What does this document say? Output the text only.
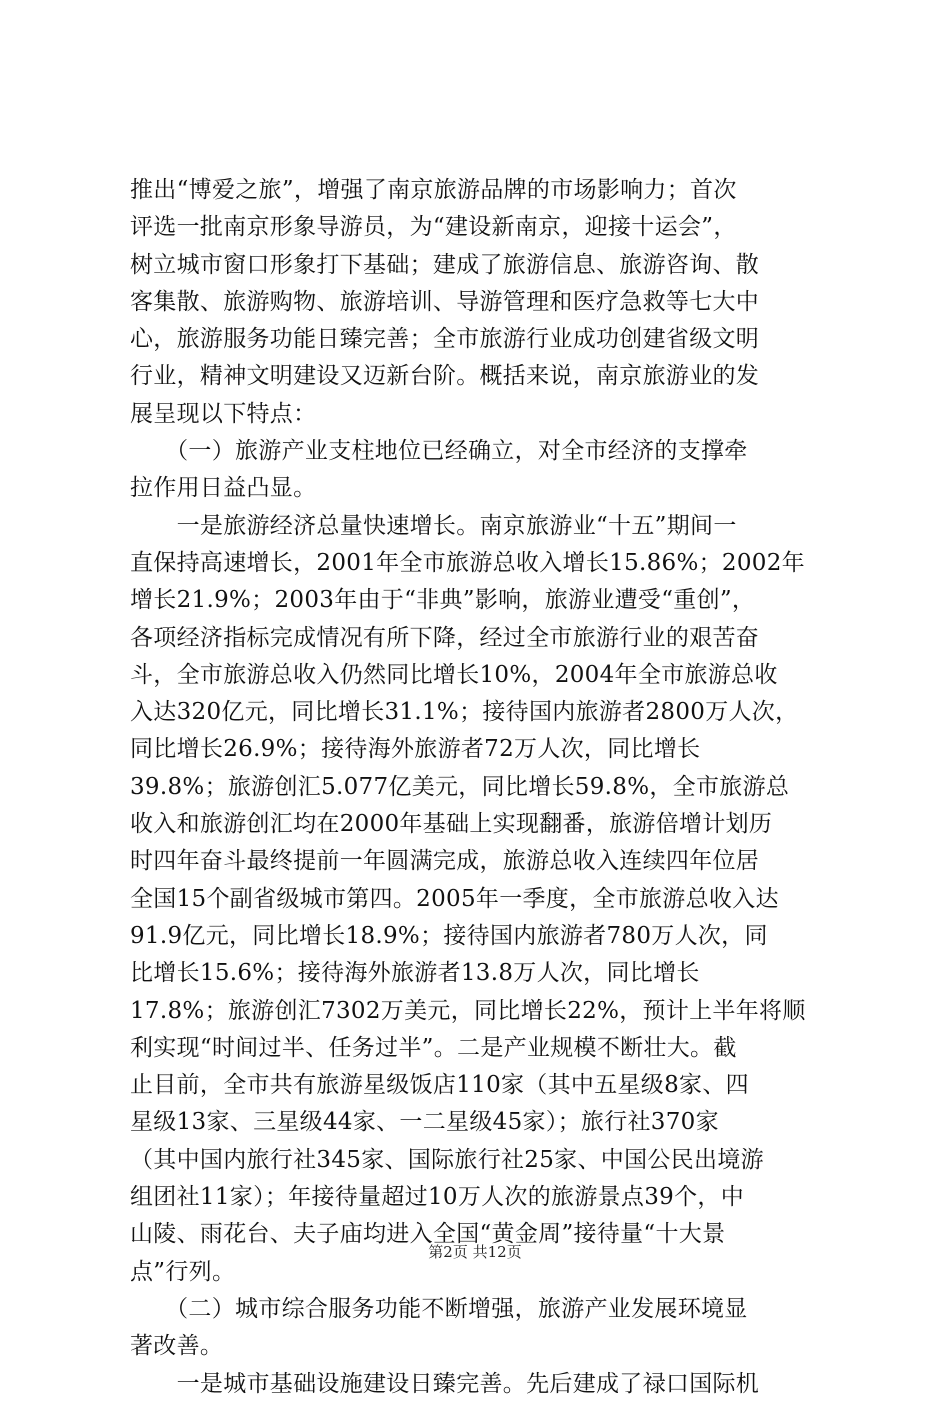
推出“博爱之旅”，增强了南京旅游品牌的市场影响力；首次
评选一批南京形象导游员，为“建设新南京，迎接十运会”，
树立城市窗口形象打下基础；建成了旅游信息、旅游咨询、散
客集散、旅游购物、旅游培训、导游管理和医疗急救等七大中
心，旅游服务功能日臻完善；全市旅游行业成功创建省级文明
行业，精神文明建设又迈新台阶。概括来说，南京旅游业的发
展呈现以下特点：
　　（一）旅游产业支柱地位已经确立，对全市经济的支撑牵
拉作用日益凸显。
　　一是旅游经济总量快速增长。南京旅游业“十五”期间一
直保持高速增长，2001年全市旅游总收入增长15.86%；2002年
增长21.9%；2003年由于“非典”影响，旅游业遭受“重创”，
各项经济指标完成情况有所下降，经过全市旅游行业的艰苦奋
斗，全市旅游总收入仍然同比增长10%，2004年全市旅游总收
入达320亿元，同比增长31.1%；接待国内旅游者2800万人次，
同比增长26.9%；接待海外旅游者72万人次，同比增长
39.8%；旅游创汇5.077亿美元，同比增长59.8%，全市旅游总
收入和旅游创汇均在2000年基础上实现翻番，旅游倍增计划历
时四年奋斗最终提前一年圆满完成，旅游总收入连续四年位居
全国15个副省级城市第四。2005年一季度，全市旅游总收入达
91.9亿元，同比增长18.9%；接待国内旅游者780万人次，同
比增长15.6%；接待海外旅游者13.8万人次，同比增长
17.8%；旅游创汇7302万美元，同比增长22%，预计上半年将顺
利实现“时间过半、任务过半”。二是产业规模不断壮大。截
止目前，全市共有旅游星级饭店110家（其中五星级8家、四
星级13家、三星级44家、一二星级45家）；旅行社370家
（其中国内旅行社345家、国际旅行社25家、中国公民出境游
组团社11家）；年接待量超过10万人次的旅游景点39个，中
山陵、雨花台、夫子庙均进入全国“黄金周”接待量“十大景
点”行列。
　　（二）城市综合服务功能不断增强，旅游产业发展环境显
著改善。
　　一是城市基础设施建设日臻完善。先后建成了禄口国际机
第2页 共12页
